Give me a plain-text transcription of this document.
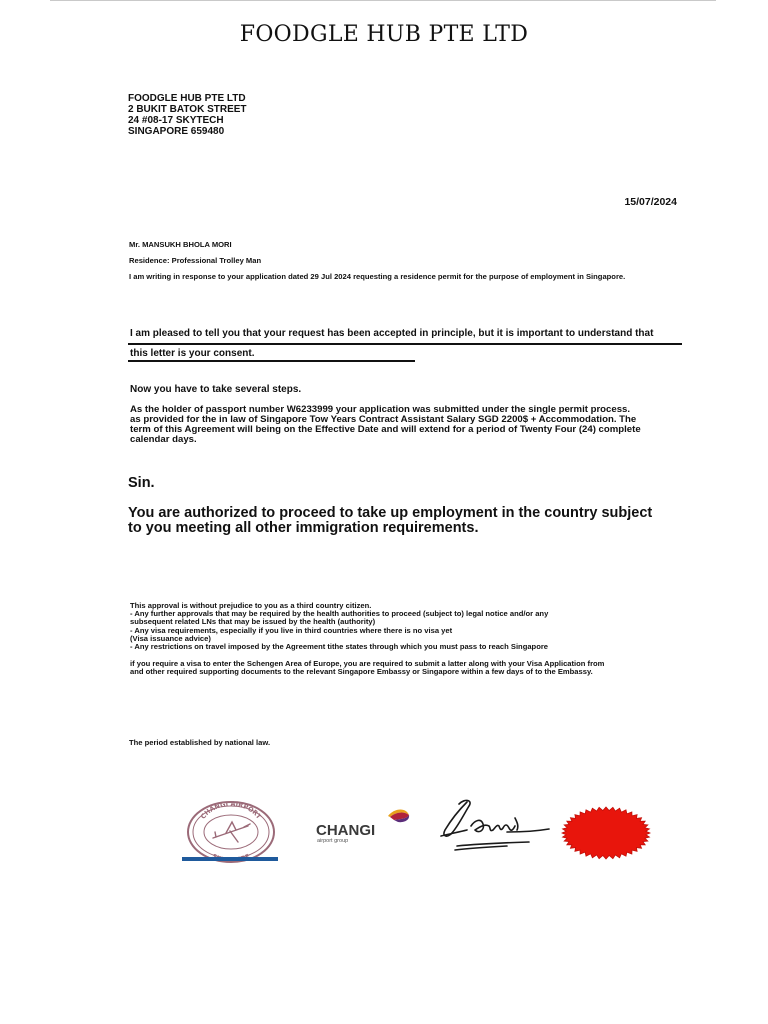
FOODGLE HUB PTE LTD
FOODGLE HUB PTE LTD
2 BUKIT BATOK STREET
24 #08-17 SKYTECH
SINGAPORE 659480
15/07/2024
Mr. MANSUKH BHOLA MORI
Residence: Professional Trolley Man
I am writing in response to your application dated 29 Jul 2024 requesting a residence permit for the purpose of employment in Singapore.
I am pleased to tell you that your request has been accepted in principle, but it is important to understand that
this letter is your consent.
Now you have to take several steps.
As the holder of passport number W6233999 your application was submitted under the single permit process.
as provided for the in law of Singapore Tow Years Contract Assistant Salary SGD 2200$ + Accommodation. The
term of this Agreement will being on the Effective Date and will extend for a period of Twenty Four (24) complete
calendar days.
Sin.
You are authorized to proceed to take up employment in the country subject
to you meeting all other immigration requirements.
This approval is without prejudice to you as a third country citizen.
- Any further approvals that may be required by the health authorities to proceed (subject to) legal notice and/or any
subsequent related LNs that may be issued by the health (authority)
- Any visa requirements, especially if you live in third countries where there is no visa yet
(Visa issuance advice)
- Any restrictions on travel imposed by the Agreement tithe states through which you must pass to reach Singapore
if you require a visa to enter the Schengen Area of Europe, you are required to submit a latter along with your Visa Application from
and other required supporting documents to the relevant Singapore Embassy or Singapore within a few days of to the Embassy.
The period established by national law.
CHANGI AIRPORT
CHANGI
airport group
